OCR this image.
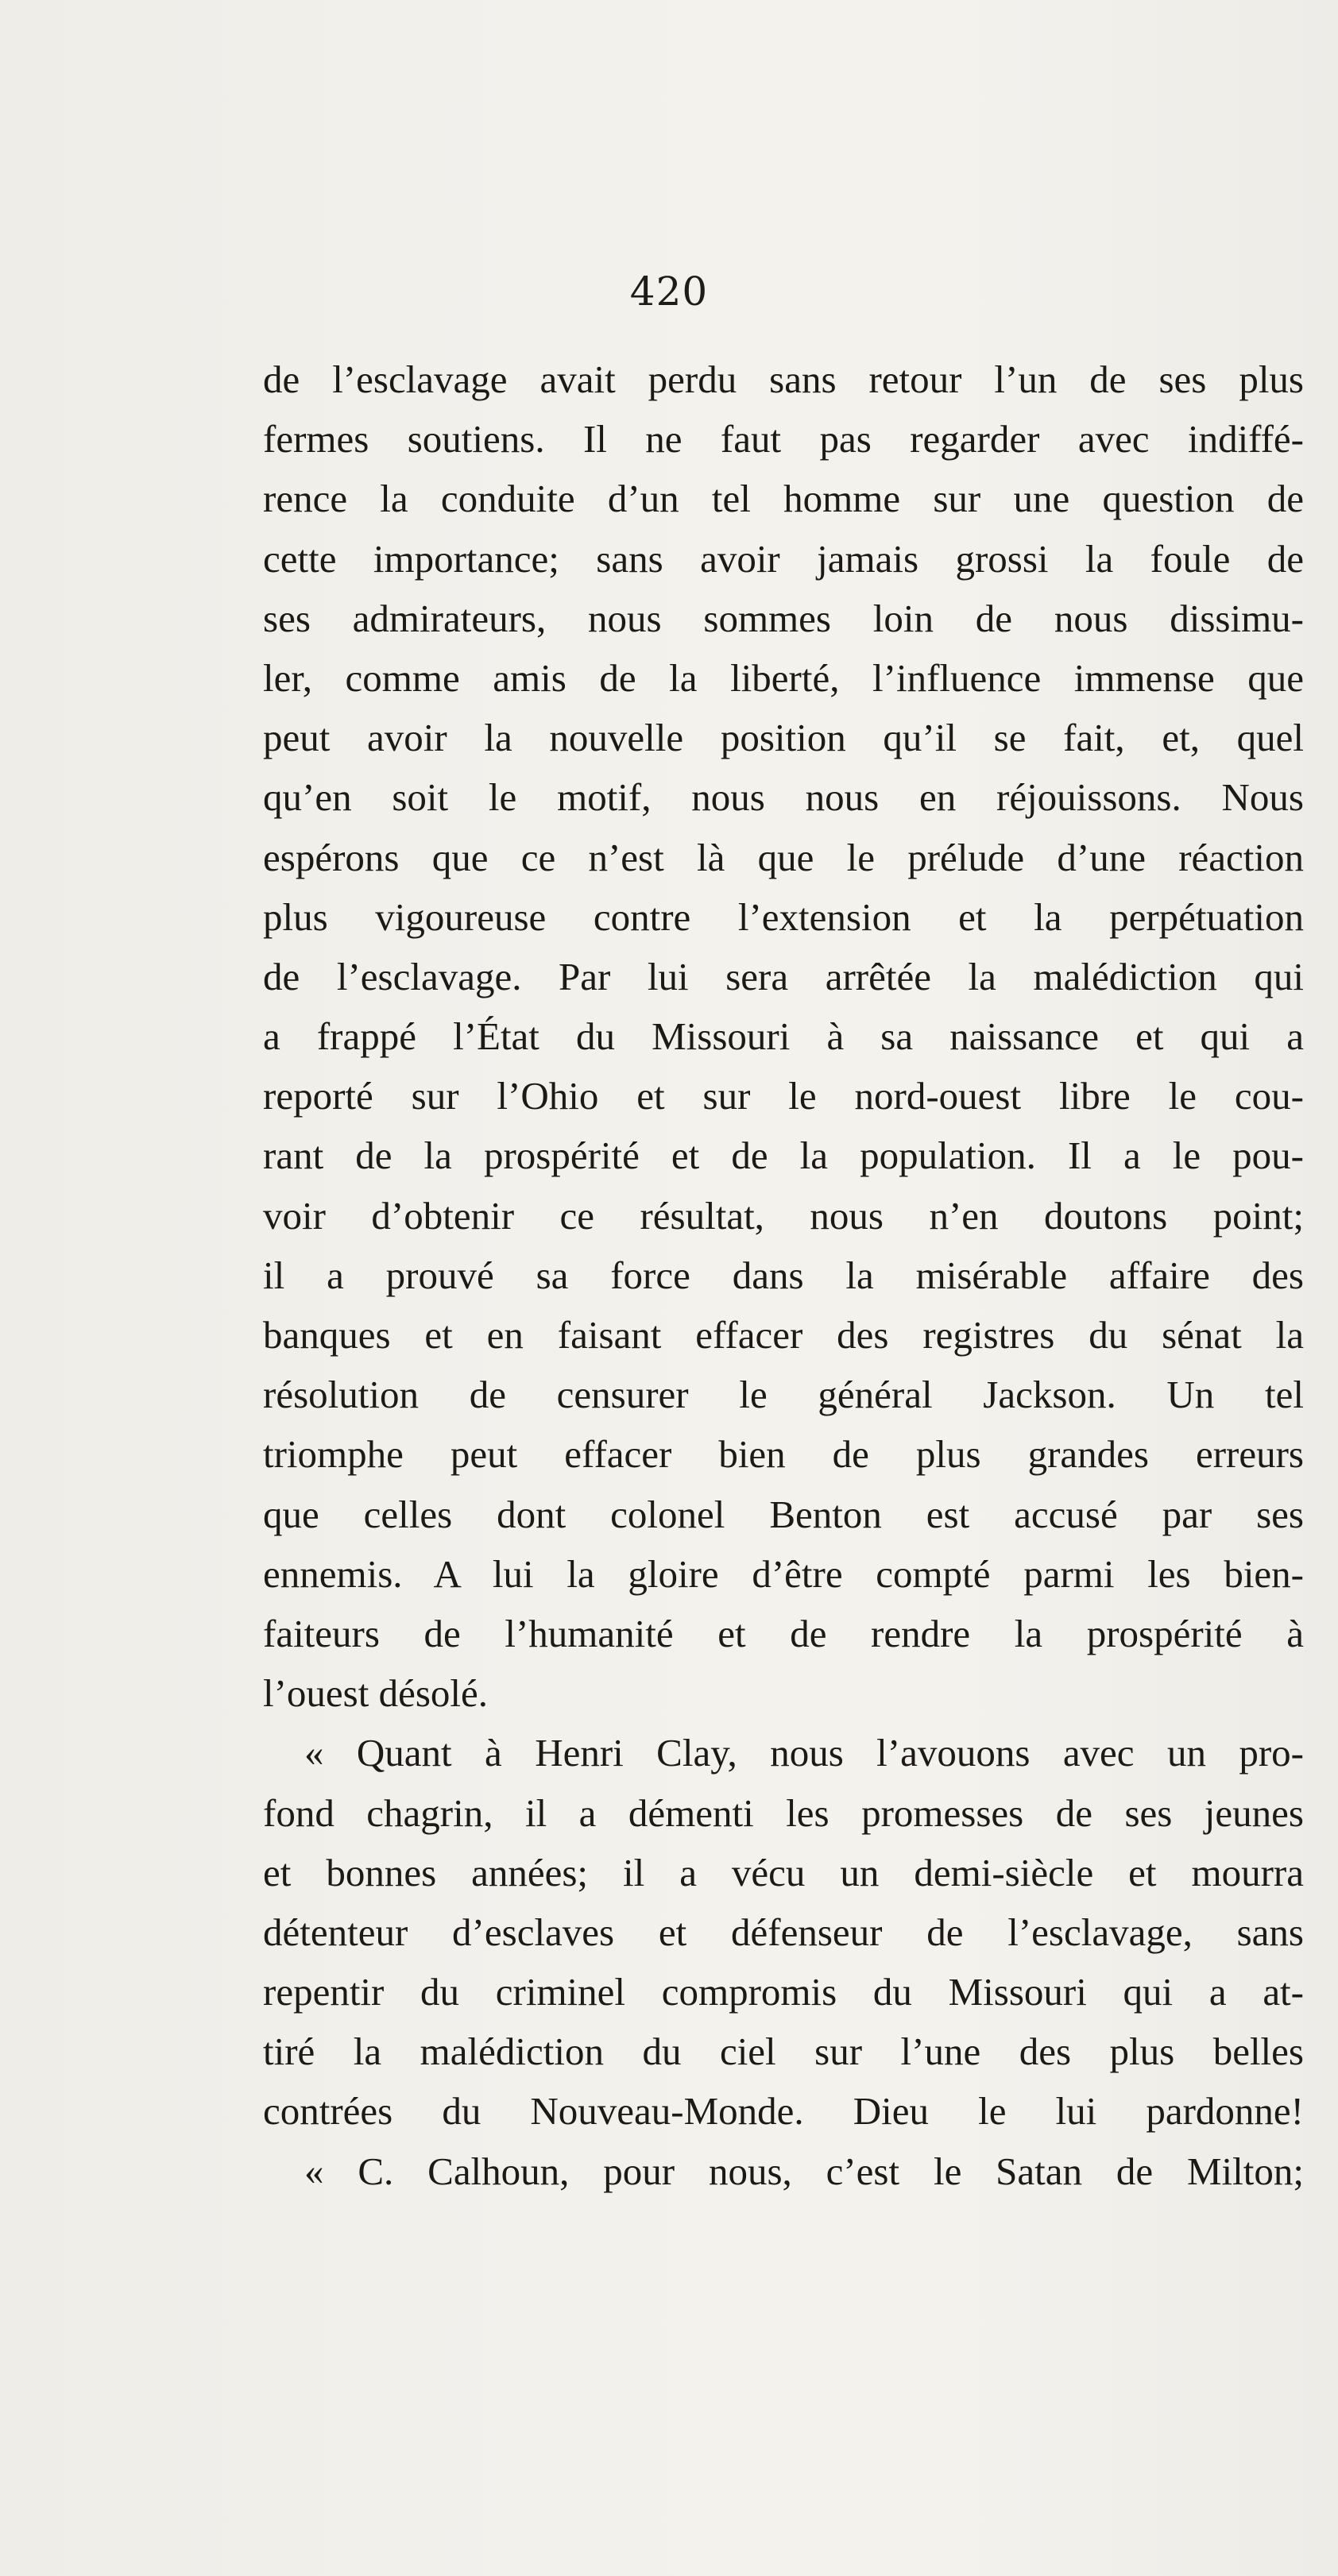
420
de l’esclavage avait perdu sans retour l’un de ses plus
fermes soutiens. Il ne faut pas regarder avec indiffé-
rence la conduite d’un tel homme sur une question de
cette importance; sans avoir jamais grossi la foule de
ses admirateurs, nous sommes loin de nous dissimu-
ler, comme amis de la liberté, l’influence immense que
peut avoir la nouvelle position qu’il se fait, et, quel
qu’en soit le motif, nous nous en réjouissons. Nous
espérons que ce n’est là que le prélude d’une réaction
plus vigoureuse contre l’extension et la perpétuation
de l’esclavage. Par lui sera arrêtée la malédiction qui
a frappé l’État du Missouri à sa naissance et qui a
reporté sur l’Ohio et sur le nord-ouest libre le cou-
rant de la prospérité et de la population. Il a le pou-
voir d’obtenir ce résultat, nous n’en doutons point;
il a prouvé sa force dans la misérable affaire des
banques et en faisant effacer des registres du sénat la
résolution de censurer le général Jackson. Un tel
triomphe peut effacer bien de plus grandes erreurs
que celles dont colonel Benton est accusé par ses
ennemis. A lui la gloire d’être compté parmi les bien-
faiteurs de l’humanité et de rendre la prospérité à
l’ouest désolé.
« Quant à Henri Clay, nous l’avouons avec un pro-
fond chagrin, il a démenti les promesses de ses jeunes
et bonnes années; il a vécu un demi-siècle et mourra
détenteur d’esclaves et défenseur de l’esclavage, sans
repentir du criminel compromis du Missouri qui a at-
tiré la malédiction du ciel sur l’une des plus belles
contrées du Nouveau-Monde. Dieu le lui pardonne!
« C. Calhoun, pour nous, c’est le Satan de Milton;
